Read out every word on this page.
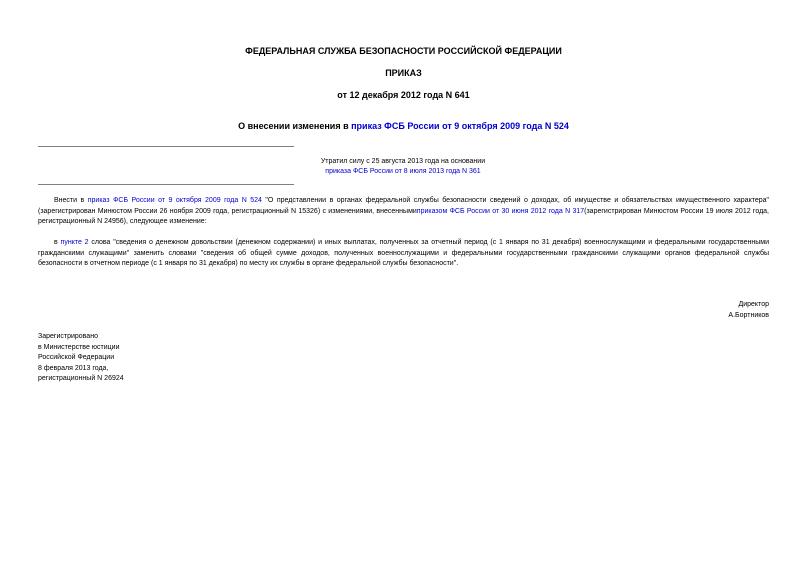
ФЕДЕРАЛЬНАЯ СЛУЖБА БЕЗОПАСНОСТИ РОССИЙСКОЙ ФЕДЕРАЦИИ
ПРИКАЗ
от 12 декабря 2012 года N 641
О внесении изменения в приказ ФСБ России от 9 октября 2009 года N 524
Утратил силу с 25 августа 2013 года на основании
приказа ФСБ России от 8 июля 2013 года N 361
Внести в приказ ФСБ России от 9 октября 2009 года N 524 "О представлении в органах федеральной службы безопасности сведений о доходах, об имуществе и обязательствах имущественного характера" (зарегистрирован Минюстом России 26 ноября 2009 года, регистрационный N 15326) с изменениями, внесеннымиприказом ФСБ России от 30 июня 2012 года N 317(зарегистрирован Минюстом России 19 июля 2012 года, регистрационный N 24956), следующее изменение:
в пункте 2 слова "сведения о денежном довольствии (денежном содержании) и иных выплатах, полученных за отчетный период (с 1 января по 31 декабря) военнослужащими и федеральными государственными гражданскими служащими" заменить словами "сведения об общей сумме доходов, полученных военнослужащими и федеральными государственными гражданскими служащими органов федеральной службы безопасности в отчетном периоде (с 1 января по 31 декабря) по месту их службы в органе федеральной службы безопасности".
Директор
А.Бортников
Зарегистрировано
в Министерстве юстиции
Российской Федерации
8 февраля 2013 года,
регистрационный N 26924
